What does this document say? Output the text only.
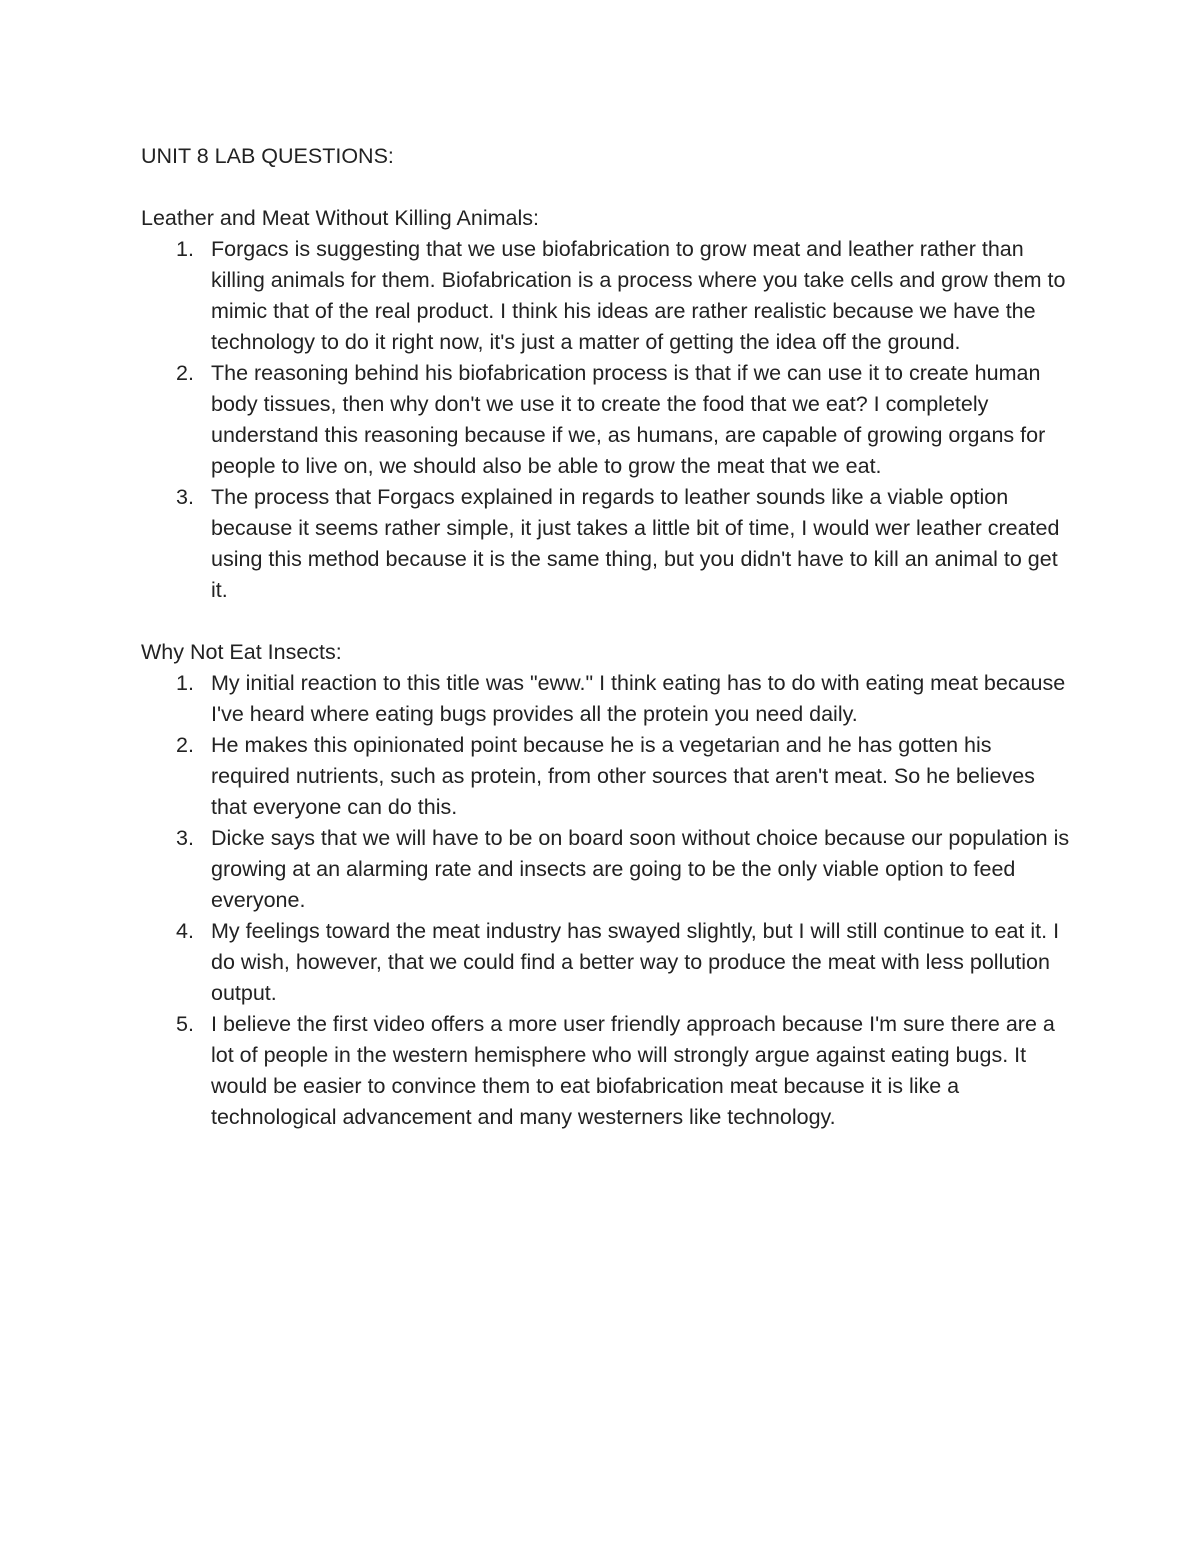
UNIT 8 LAB QUESTIONS:
Leather and Meat Without Killing Animals:
1. Forgacs is suggesting that we use biofabrication to grow meat and leather rather than killing animals for them. Biofabrication is a process where you take cells and grow them to mimic that of the real product. I think his ideas are rather realistic because we have the technology to do it right now, it's just a matter of getting the idea off the ground.
2. The reasoning behind his biofabrication process is that if we can use it to create human body tissues, then why don't we use it to create the food that we eat? I completely understand this reasoning because if we, as humans, are capable of growing organs for people to live on, we should also be able to grow the meat that we eat.
3. The process that Forgacs explained in regards to leather sounds like a viable option because it seems rather simple, it just takes a little bit of time, I would wer leather created using this method because it is the same thing, but you didn't have to kill an animal to get it.
Why Not Eat Insects:
1. My initial reaction to this title was "eww." I think eating has to do with eating meat because I've heard where eating bugs provides all the protein you need daily.
2. He makes this opinionated point because he is a vegetarian and he has gotten his required nutrients, such as protein, from other sources that aren't meat. So he believes that everyone can do this.
3. Dicke says that we will have to be on board soon without choice because our population is growing at an alarming rate and insects are going to be the only viable option to feed everyone.
4. My feelings toward the meat industry has swayed slightly, but I will still continue to eat it. I do wish, however, that we could find a better way to produce the meat with less pollution output.
5. I believe the first video offers a more user friendly approach because I'm sure there are a lot of people in the western hemisphere who will strongly argue against eating bugs. It would be easier to convince them to eat biofabrication meat because it is like a technological advancement and many westerners like technology.
